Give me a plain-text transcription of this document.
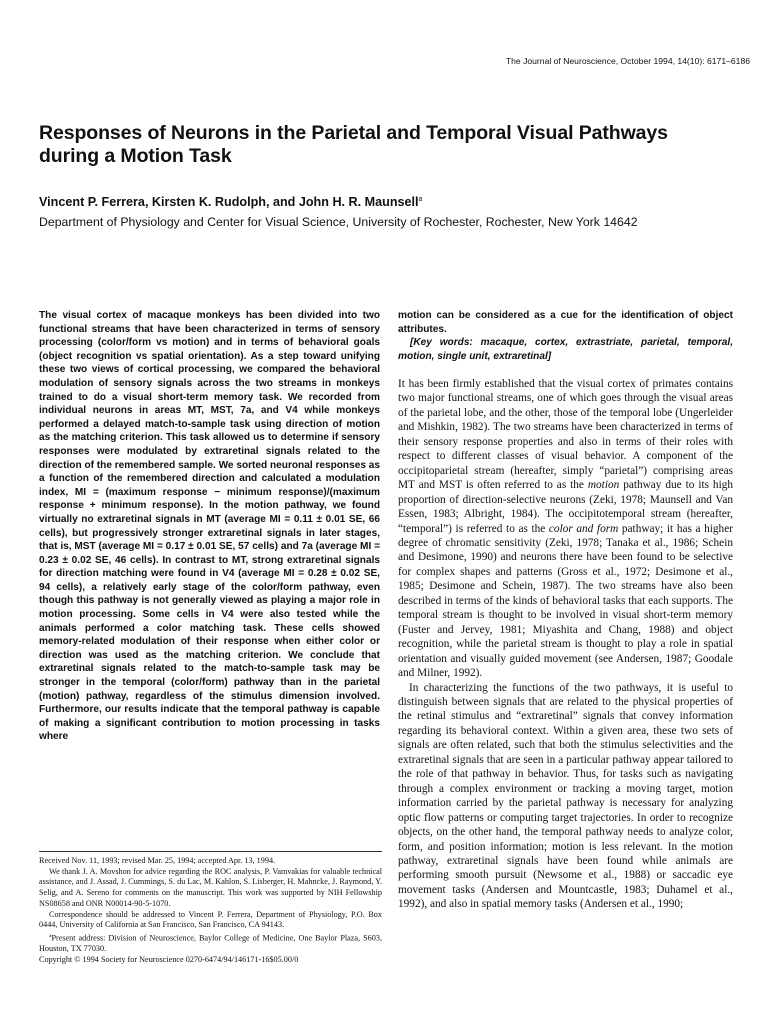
The Journal of Neuroscience, October 1994, 14(10): 6171–6186
Responses of Neurons in the Parietal and Temporal Visual Pathways
during a Motion Task
Vincent P. Ferrera, Kirsten K. Rudolph, and John H. R. Maunsell$^a$
Department of Physiology and Center for Visual Science, University of Rochester, Rochester, New York 14642
The visual cortex of macaque monkeys has been divided into two functional streams that have been characterized in terms of sensory processing (color/form vs motion) and in terms of behavioral goals (object recognition vs spatial orientation). As a step toward unifying these two views of cortical processing, we compared the behavioral modulation of sensory signals across the two streams in monkeys trained to do a visual short-term memory task. We recorded from individual neurons in areas MT, MST, 7a, and V4 while monkeys performed a delayed match-to-sample task using direction of motion as the matching criterion. This task allowed us to determine if sensory responses were modulated by extraretinal signals related to the direction of the remembered sample. We sorted neuronal responses as a function of the remembered direction and calculated a modulation index, MI = (maximum response − minimum response)/(maximum response + minimum response). In the motion pathway, we found virtually no extraretinal signals in MT (average MI = 0.11 ± 0.01 SE, 66 cells), but progressively stronger extraretinal signals in later stages, that is, MST (average MI = 0.17 ± 0.01 SE, 57 cells) and 7a (average MI = 0.23 ± 0.02 SE, 46 cells). In contrast to MT, strong extraretinal signals for direction matching were found in V4 (average MI = 0.28 ± 0.02 SE, 94 cells), a relatively early stage of the color/form pathway, even though this pathway is not generally viewed as playing a major role in motion processing. Some cells in V4 were also tested while the animals performed a color matching task. These cells showed memory-related modulation of their response when either color or direction was used as the matching criterion. We conclude that extraretinal signals related to the match-to-sample task may be stronger in the temporal (color/form) pathway than in the parietal (motion) pathway, regardless of the stimulus dimension involved. Furthermore, our results indicate that the temporal pathway is capable of making a significant contribution to motion processing in tasks where

motion can be considered as a cue for the identification of object attributes.

[Key words: macaque, cortex, extrastriate, parietal, temporal, motion, single unit, extraretinal]

It has been firmly established that the visual cortex of primates contains two major functional streams, one of which goes through the visual areas of the parietal lobe, and the other, those of the temporal lobe (Ungerleider and Mishkin, 1982). The two streams have been characterized in terms of their sensory response properties and also in terms of their roles with respect to different classes of visual behavior. A component of the occipitoparietal stream (hereafter, simply “parietal”) comprising areas MT and MST is often referred to as the motion pathway due to its high proportion of direction-selective neurons (Zeki, 1978; Maunsell and Van Essen, 1983; Albright, 1984). The occipitotemporal stream (hereafter, “temporal”) is referred to as the color and form pathway; it has a higher degree of chromatic sensitivity (Zeki, 1978; Tanaka et al., 1986; Schein and Desimone, 1990) and neurons there have been found to be selective for complex shapes and patterns (Gross et al., 1972; Desimone et al., 1985; Desimone and Schein, 1987). The two streams have also been described in terms of the kinds of behavioral tasks that each supports. The temporal stream is thought to be involved in visual short-term memory (Fuster and Jervey, 1981; Miyashita and Chang, 1988) and object recognition, while the parietal stream is thought to play a role in spatial orientation and visually guided movement (see Andersen, 1987; Goodale and Milner, 1992).

In characterizing the functions of the two pathways, it is useful to distinguish between signals that are related to the physical properties of the retinal stimulus and “extraretinal” signals that convey information regarding its behavioral context. Within a given area, these two sets of signals are often related, such that both the stimulus selectivities and the extraretinal signals that are seen in a particular pathway appear tailored to the role of that pathway in behavior. Thus, for tasks such as navigating through a complex environment or tracking a moving target, motion information carried by the parietal pathway is necessary for analyzing optic flow patterns or computing target trajectories. In order to recognize objects, on the other hand, the temporal pathway needs to analyze color, form, and position information; motion is less relevant. In the motion pathway, extraretinal signals have been found while animals are performing smooth pursuit (Newsome et al., 1988) or saccadic eye movement tasks (Andersen and Mountcastle, 1983; Duhamel et al., 1992), and also in spatial memory tasks (Andersen et al., 1990;

Received Nov. 11, 1993; revised Mar. 25, 1994; accepted Apr. 13, 1994.

We thank J. A. Movshon for advice regarding the ROC analysis, P. Vamvakias for valuable technical assistance, and J. Assad, J. Cummings, S. du Lac, M. Kahlon, S. Lisberger, H. Mahncke, J. Raymond, Y. Selig, and A. Sereno for comments on the manuscript. This work was supported by NIH Fellowship NS08658 and ONR N00014-90-5-1070.

Correspondence should be addressed to Vincent P. Ferrera, Department of Physiology, P.O. Box 0444, University of California at San Francisco, San Francisco, CA 94143.

$^a$Present address: Division of Neuroscience, Baylor College of Medicine, One Baylor Plaza, S603, Houston, TX 77030.

Copyright © 1994 Society for Neuroscience 0270-6474/94/146171-16$05.00/0
